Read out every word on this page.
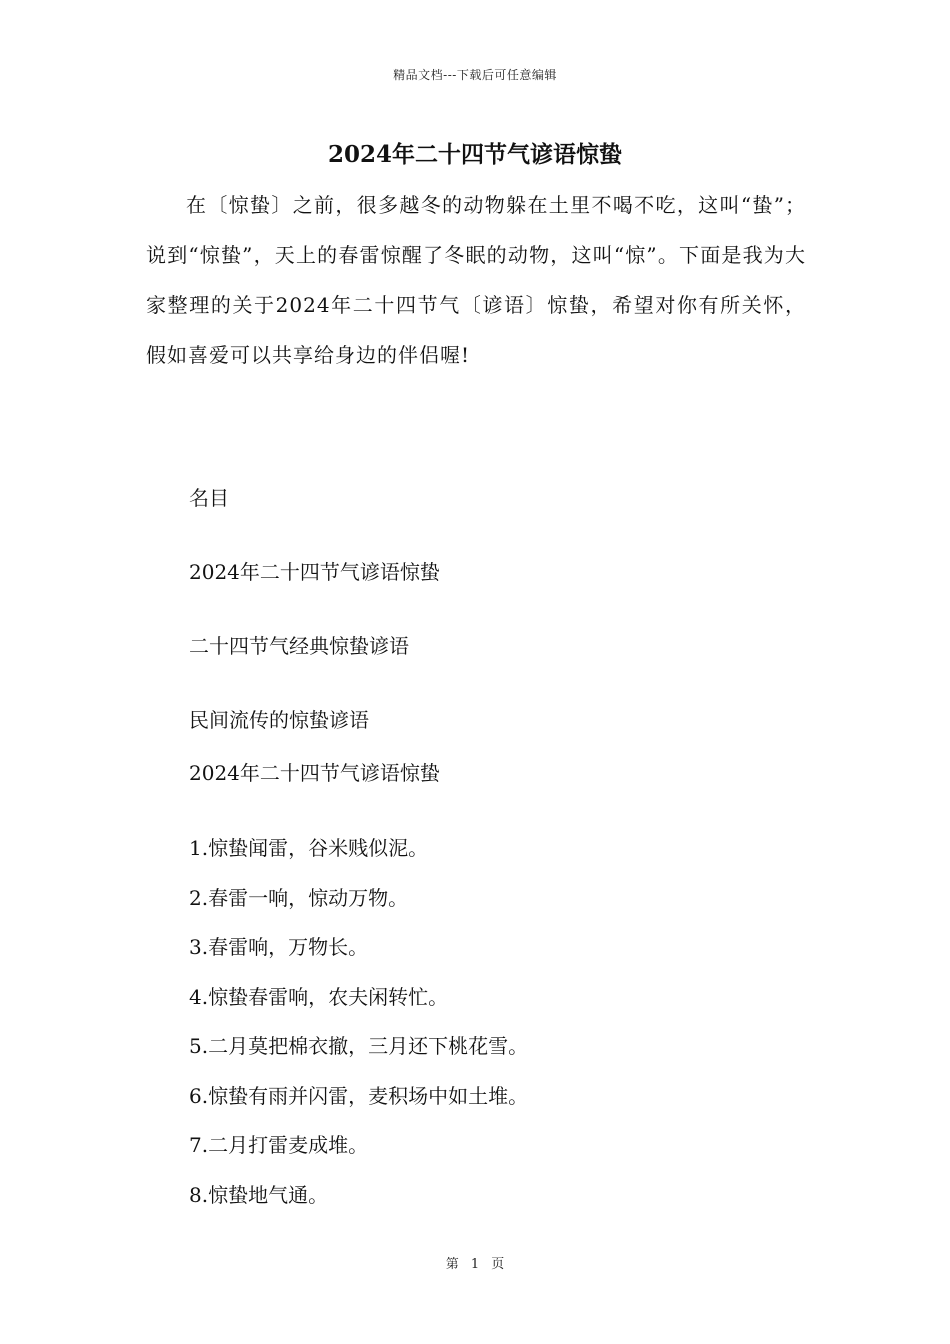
精品文档---下载后可任意编辑
2024年二十四节气谚语惊蛰

在〔惊蛰〕之前，很多越冬的动物躲在土里不喝不吃，这叫“蛰”；说到“惊蛰”，天上的春雷惊醒了冬眠的动物，这叫“惊”。下面是我为大家整理的关于2024年二十四节气〔谚语〕惊蛰，希望对你有所关怀，假如喜爱可以共享给身边的伴侣喔!

名目
2024年二十四节气谚语惊蛰
二十四节气经典惊蛰谚语
民间流传的惊蛰谚语
2024年二十四节气谚语惊蛰
1.惊蛰闻雷，谷米贱似泥。
2.春雷一响，惊动万物。
3.春雷响，万物长。
4.惊蛰春雷响，农夫闲转忙。
5.二月莫把棉衣撤，三月还下桃花雪。
6.惊蛰有雨并闪雷，麦积场中如土堆。
7.二月打雷麦成堆。
8.惊蛰地气通。
第 1 页
